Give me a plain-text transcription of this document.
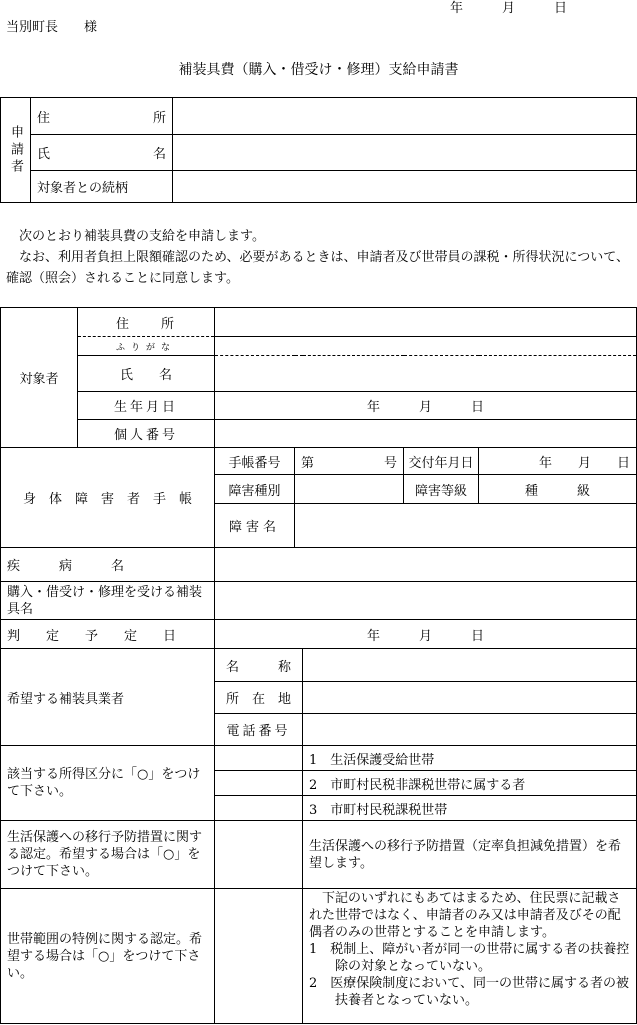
年　　　月　　　日
当別町長　　様
補装具費（購入・借受け・修理）支給申請書
申請者	住　　　所	

	氏　　　名	

	対象者との続柄	
次のとおり補装具費の支給を申請します。
なお、利用者負担上限額確認のため、必要があるときは、申請者及び世帯員の課税・所得状況について、確認（照会）されることに同意します。
対象者	住　　所					
	ふりがな					
	氏　　名					
	生年月日	年　　　月　　　日				
	個人番号					

身体障害者手帳		手帳番号	第 号		交付年月日	年　　月　　日
		障害種別			障害等級	種　　　級
		障害名				
疾　　　病　　　名						
購入・借受け・修理を受ける補装具名						
判　　定　　予　　定　　日		年　　　月　　　日				
希望する補装具業者		名　　　称				
		所　在　地				
		電話番号				
該当する所得区分に「○」をつけて下さい。				1　生活保護受給世帯		
				2　市町村民税非課税世帯に属する者		
				3　市町村民税課税世帯		
生活保護への移行予防措置に関する認定。希望する場合は「○」をつけて下さい。				生活保護への移行予防措置（定率負担減免措置）を希望します。		
世帯範囲の特例に関する認定。希望する場合は「○」をつけて下さい。				下記のいずれにもあてはまるため、住民票に記載された世帯ではなく、申請者のみ又は申請者及びその配偶者のみの世帯とすることを申請します。
1　税制上、障がい者が同一の世帯に属する者の扶養控除の対象となっていない。
2　医療保険制度において、同一の世帯に属する者の被扶養者となっていない。		
